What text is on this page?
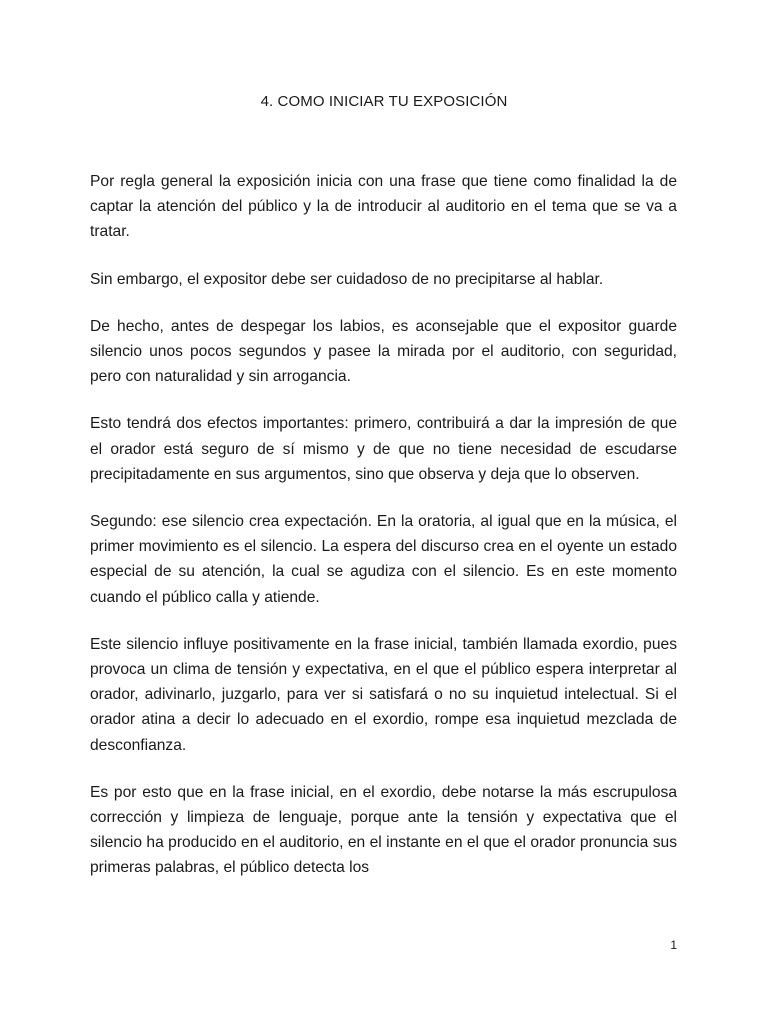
4. COMO INICIAR TU EXPOSICIÓN

Por regla general la exposición inicia con una frase que tiene como finalidad la de captar la atención del público y la de introducir al auditorio en el tema que se va a tratar.

Sin embargo, el expositor debe ser cuidadoso de no precipitarse al hablar.

De hecho, antes de despegar los labios, es aconsejable que el expositor guarde silencio unos pocos segundos y pasee la mirada por el auditorio, con seguridad, pero con naturalidad y sin arrogancia.

Esto tendrá dos efectos importantes: primero, contribuirá a dar la impresión de que el orador está seguro de sí mismo y de que no tiene necesidad de escudarse precipitadamente en sus argumentos, sino que observa y deja que lo observen.

Segundo: ese silencio crea expectación. En la oratoria, al igual que en la música, el primer movimiento es el silencio. La espera del discurso crea en el oyente un estado especial de su atención, la cual se agudiza con el silencio. Es en este momento cuando el público calla y atiende.

Este silencio influye positivamente en la frase inicial, también llamada exordio, pues provoca un clima de tensión y expectativa, en el que el público espera interpretar al orador, adivinarlo, juzgarlo, para ver si satisfará o no su inquietud intelectual. Si el orador atina a decir lo adecuado en el exordio, rompe esa inquietud mezclada de desconfianza.

Es por esto que en la frase inicial, en el exordio, debe notarse la más escrupulosa corrección y limpieza de lenguaje, porque ante la tensión y expectativa que el silencio ha producido en el auditorio, en el instante en el que el orador pronuncia sus primeras palabras, el público detecta los

1
